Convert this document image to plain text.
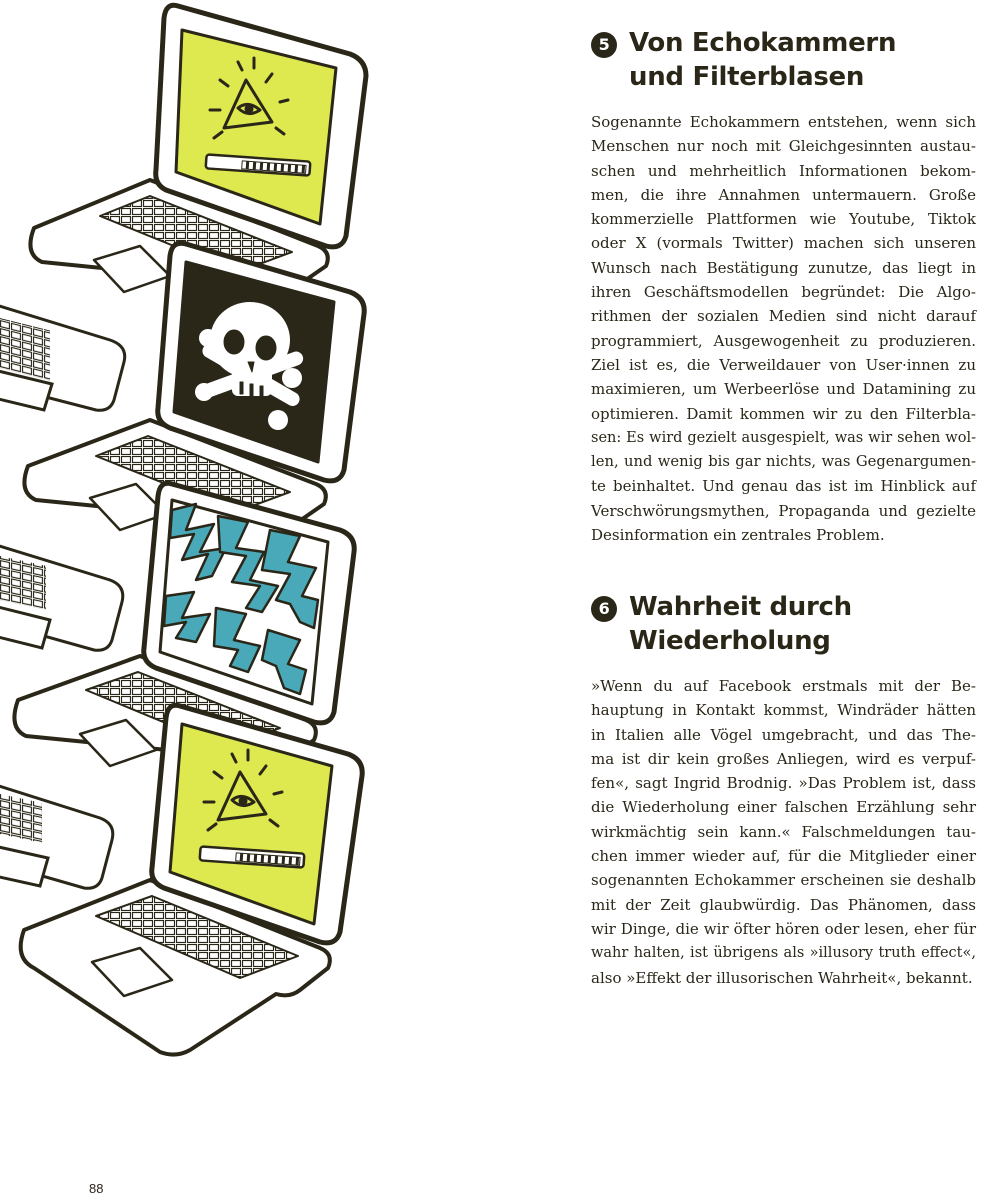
5 Von Echokammern
und Filterblasen
Sogenannte Echokammern entstehen, wenn sich
Menschen nur noch mit Gleichgesinnten austau-
schen und mehrheitlich Informationen bekom-
men, die ihre Annahmen untermauern. Große
kommerzielle Plattformen wie Youtube, Tiktok
oder X (vormals Twitter) machen sich unseren
Wunsch nach Bestätigung zunutze, das liegt in
ihren Geschäftsmodellen begründet: Die Algo-
rithmen der sozialen Medien sind nicht darauf
programmiert, Ausgewogenheit zu produzieren.
Ziel ist es, die Verweildauer von User·innen zu
maximieren, um Werbeerlöse und Datamining zu
optimieren. Damit kommen wir zu den Filterbla-
sen: Es wird gezielt ausgespielt, was wir sehen wol-
len, und wenig bis gar nichts, was Gegenargumen-
te beinhaltet. Und genau das ist im Hinblick auf
Verschwörungsmythen, Propaganda und gezielte
Desinformation ein zentrales Problem.
6 Wahrheit durch
Wiederholung
»Wenn du auf Facebook erstmals mit der Be-
hauptung in Kontakt kommst, Windräder hätten
in Italien alle Vögel umgebracht, und das The-
ma ist dir kein großes Anliegen, wird es verpuf-
fen«, sagt Ingrid Brodnig. »Das Problem ist, dass
die Wiederholung einer falschen Erzählung sehr
wirkmächtig sein kann.« Falschmeldungen tau-
chen immer wieder auf, für die Mitglieder einer
sogenannten Echokammer erscheinen sie deshalb
mit der Zeit glaubwürdig. Das Phänomen, dass
wir Dinge, die wir öfter hören oder lesen, eher für
wahr halten, ist übrigens als »illusory truth effect«,
also »Effekt der illusorischen Wahrheit«, bekannt.
88
